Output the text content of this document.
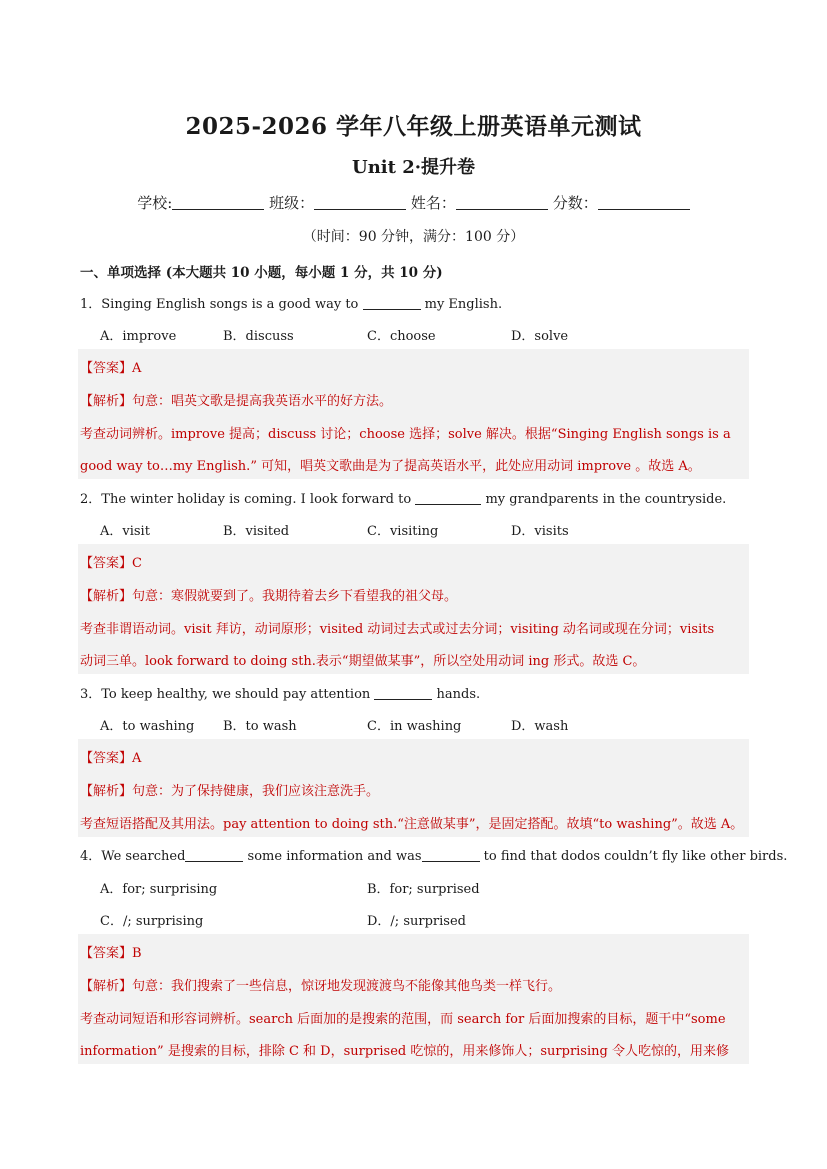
2025-2026 学年八年级上册英语单元测试
Unit 2·提升卷
学校:	班级：	姓名：	分数：
（时间：90 分钟，满分：100 分）
一、单项选择 (本大题共 10 小题，每小题 1 分，共 10 分)
1．Singing English songs is a good way to	my English.
A．improve	B．discuss	C．choose	D．solve
【答案】A
【解析】句意：唱英文歌是提高我英语水平的好方法。
考查动词辨析。improve 提高；discuss 讨论；choose 选择；solve 解决。根据“Singing English songs is a
good way to…my English.” 可知，唱英文歌曲是为了提高英语水平，此处应用动词 improve 。故选 A。
2．The winter holiday is coming. I look forward to	my grandparents in the countryside.
A．visit	B．visited	C．visiting	D．visits
【答案】C
【解析】句意：寒假就要到了。我期待着去乡下看望我的祖父母。
考查非谓语动词。visit 拜访，动词原形；visited 动词过去式或过去分词；visiting 动名词或现在分词；visits
动词三单。look forward to doing sth.表示“期望做某事”，所以空处用动词 ing 形式。故选 C。
3．To keep healthy, we should pay attention	hands.
A．to washing B．to wash	C．in washing	D．wash
【答案】A
【解析】句意：为了保持健康，我们应该注意洗手。
考查短语搭配及其用法。pay attention to doing sth.“注意做某事”，是固定搭配。故填“to washing”。故选 A。
4．We searched	some information and was	to find that dodos couldn’t fly like other birds.
A．for; surprising	B．for; surprised
C．/; surprising	D．/; surprised
【答案】B
【解析】句意：我们搜索了一些信息，惊讶地发现渡渡鸟不能像其他鸟类一样飞行。
考查动词短语和形容词辨析。search 后面加的是搜索的范围，而 search for 后面加搜索的目标，题干中“some
information” 是搜索的目标，排除 C 和 D，surprised 吃惊的，用来修饰人；surprising 令人吃惊的，用来修
